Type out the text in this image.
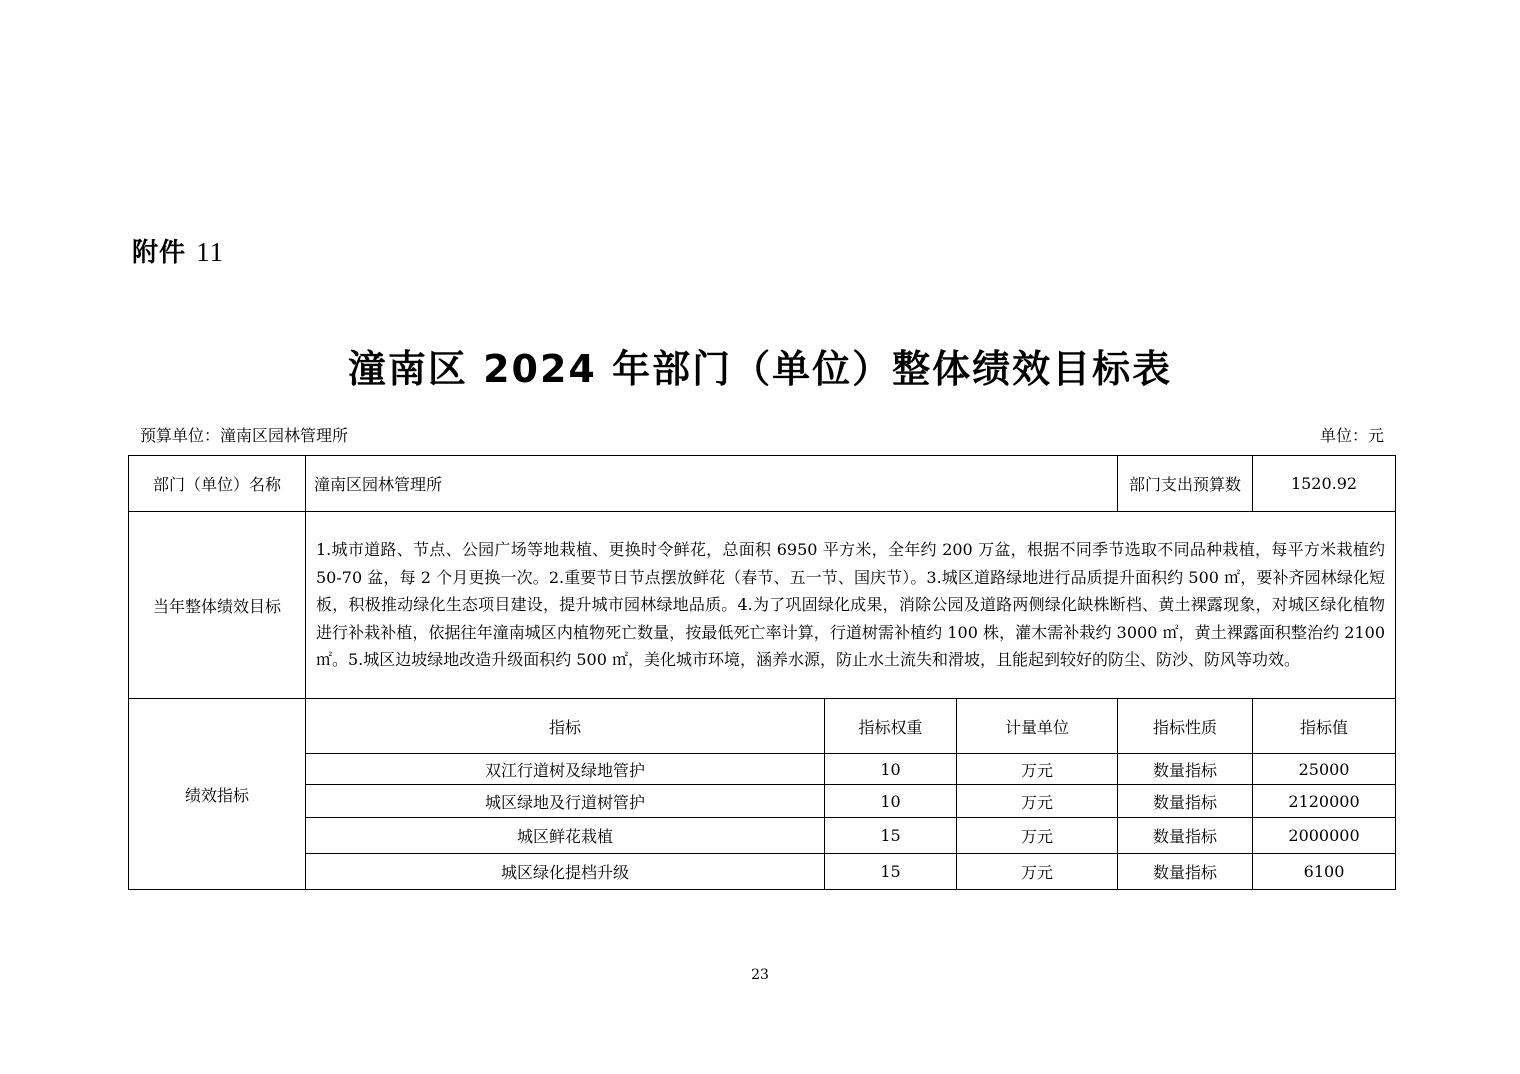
附件 11
潼南区 2024 年部门（单位）整体绩效目标表
预算单位：潼南区园林管理所	单位：元
部门（单位）名称	潼南区园林管理所			部门支出预算数	1520.92
当年整体绩效目标	1.城市道路、节点、公园广场等地栽植、更换时令鲜花，总面积 6950 平方米，全年约 200 万盆，根据不同季节选取不同品种栽植，每平方米栽植约 50-70 盆，每 2 个月更换一次。2.重要节日节点摆放鲜花（春节、五一节、国庆节）。3.城区道路绿地进行品质提升面积约 500 ㎡，要补齐园林绿化短板，积极推动绿化生态项目建设，提升城市园林绿地品质。4.为了巩固绿化成果，消除公园及道路两侧绿化缺株断档、黄土裸露现象，对城区绿化植物进行补栽补植，依据往年潼南城区内植物死亡数量，按最低死亡率计算，行道树需补植约 100 株，灌木需补栽约 3000 ㎡，黄土裸露面积整治约 2100 ㎡。5.城区边坡绿地改造升级面积约 500 ㎡，美化城市环境，涵养水源，防止水土流失和滑坡，且能起到较好的防尘、防沙、防风等功效。				
绩效指标	指标	指标权重	计量单位	指标性质	指标值
	双江行道树及绿地管护	10	万元	数量指标	25000
	城区绿地及行道树管护	10	万元	数量指标	2120000
	城区鲜花栽植	15	万元	数量指标	2000000
	城区绿化提档升级	15	万元	数量指标	6100
23
